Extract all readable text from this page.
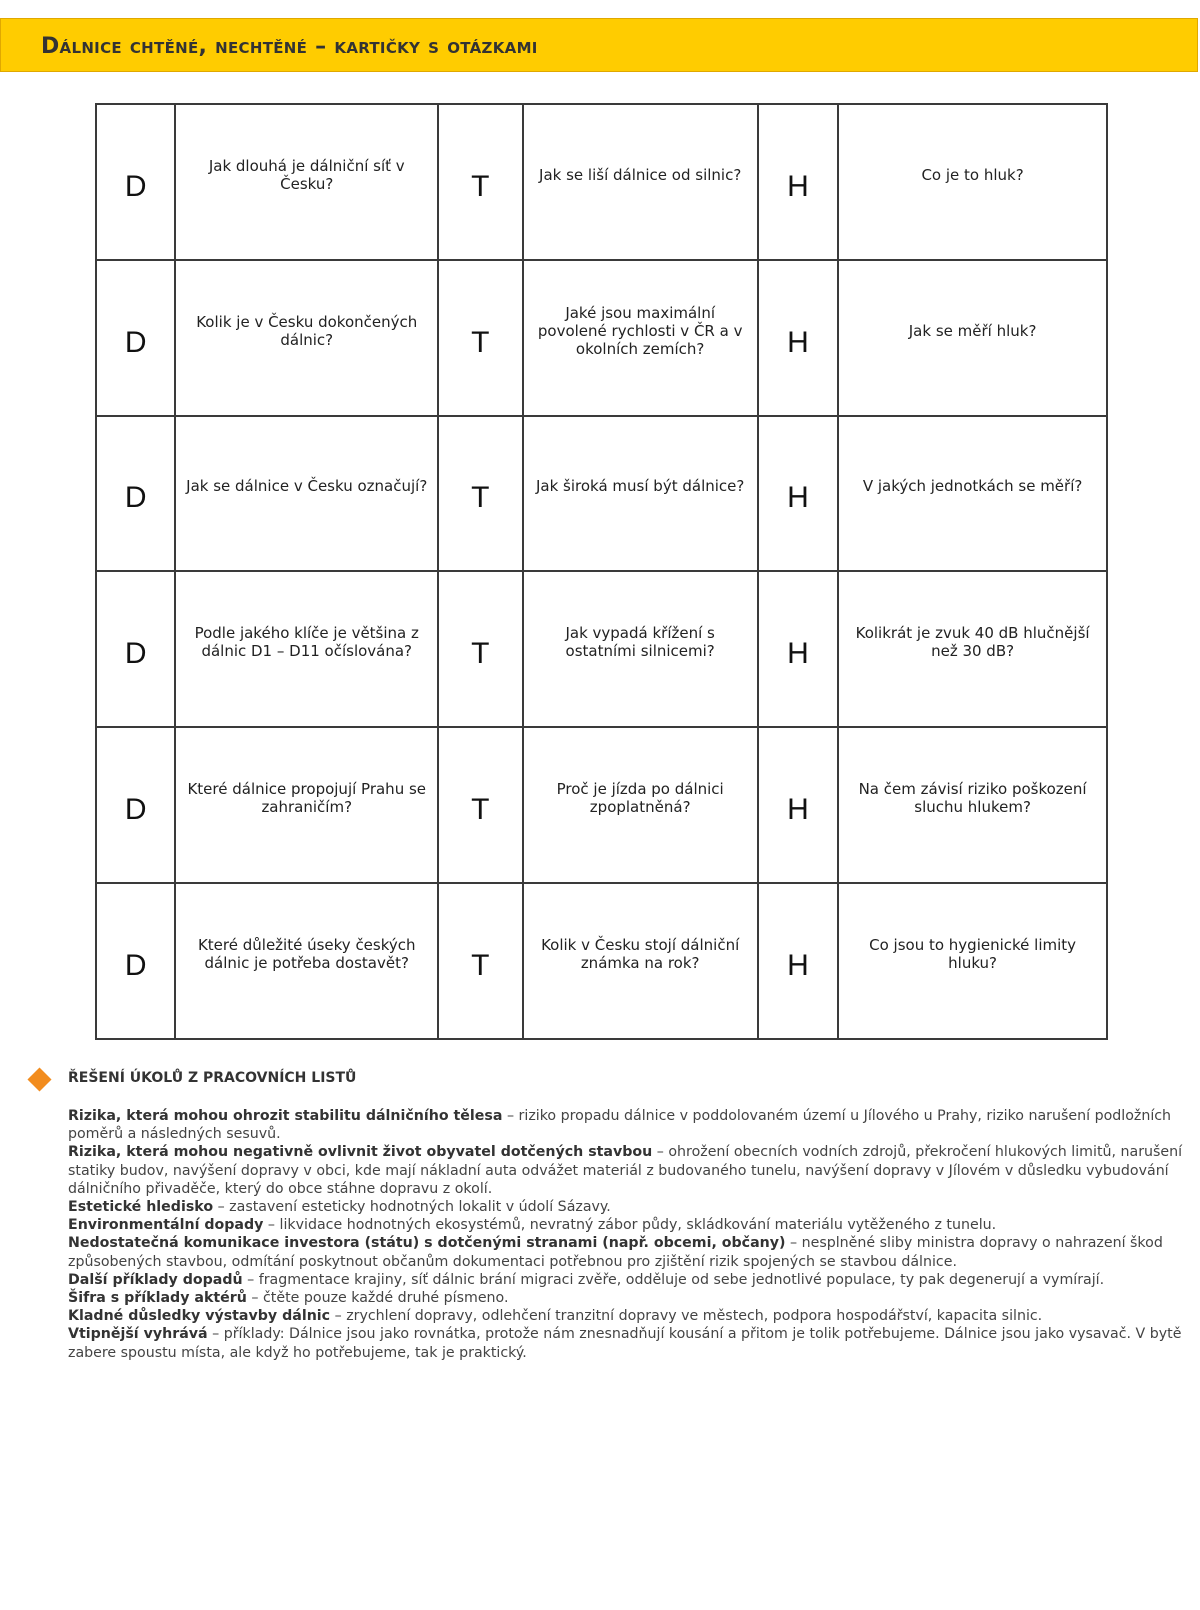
Dálnice chtěné, nechtěné – kartičky s otázkami
D	Jak dlouhá je dálniční síť v Česku?	T	Jak se liší dálnice od silnic?	H	Co je to hluk?
D	Kolik je v Česku dokončených dálnic?	T	Jaké jsou maximální povolené rychlosti v ČR a v okolních zemích?	H	Jak se měří hluk?
D	Jak se dálnice v Česku označují?	T	Jak široká musí být dálnice?	H	V jakých jednotkách se měří?
D	Podle jakého klíče je většina z dálnic D1 – D11 očíslována?	T	Jak vypadá křížení s ostatními silnicemi?	H	Kolikrát je zvuk 40 dB hlučnější než 30 dB?
D	Které dálnice propojují Prahu se zahraničím?	T	Proč je jízda po dálnici zpoplatněná?	H	Na čem závisí riziko poškození sluchu hlukem?
D	Které důležité úseky českých dálnic je potřeba dostavět?	T	Kolik v Česku stojí dálniční známka na rok?	H	Co jsou to hygienické limity hluku?
ŘEŠENÍ ÚKOLŮ Z PRACOVNÍCH LISTŮ

Rizika, která mohou ohrozit stabilitu dálničního tělesa – riziko propadu dálnice v poddolovaném území u Jílového u Prahy, riziko narušení podložních poměrů a následných sesuvů.

Rizika, která mohou negativně ovlivnit život obyvatel dotčených stavbou – ohrožení obecních vodních zdrojů, překročení hlukových limitů, narušení statiky budov, navýšení dopravy v obci, kde mají nákladní auta odvážet materiál z budovaného tunelu, navýšení dopravy v Jílovém v důsledku vybudování dálničního přivaděče, který do obce stáhne dopravu z okolí.

Estetické hledisko – zastavení esteticky hodnotných lokalit v údolí Sázavy.

Environmentální dopady – likvidace hodnotných ekosystémů, nevratný zábor půdy, skládkování materiálu vytěženého z tunelu.

Nedostatečná komunikace investora (státu) s dotčenými stranami (např. obcemi, občany) – nesplněné sliby ministra dopravy o nahrazení škod způsobených stavbou, odmítání poskytnout občanům dokumentaci potřebnou pro zjištění rizik spojených se stavbou dálnice.

Další příklady dopadů – fragmentace krajiny, síť dálnic brání migraci zvěře, odděluje od sebe jednotlivé populace, ty pak degenerují a vymírají.

Šifra s příklady aktérů – čtěte pouze každé druhé písmeno.

Kladné důsledky výstavby dálnic – zrychlení dopravy, odlehčení tranzitní dopravy ve městech, podpora hospodářství, kapacita silnic.

Vtipnější vyhrává – příklady: Dálnice jsou jako rovnátka, protože nám znesnadňují kousání a přitom je tolik potřebujeme. Dálnice jsou jako vysavač. V bytě zabere spoustu místa, ale když ho potřebujeme, tak je praktický.
